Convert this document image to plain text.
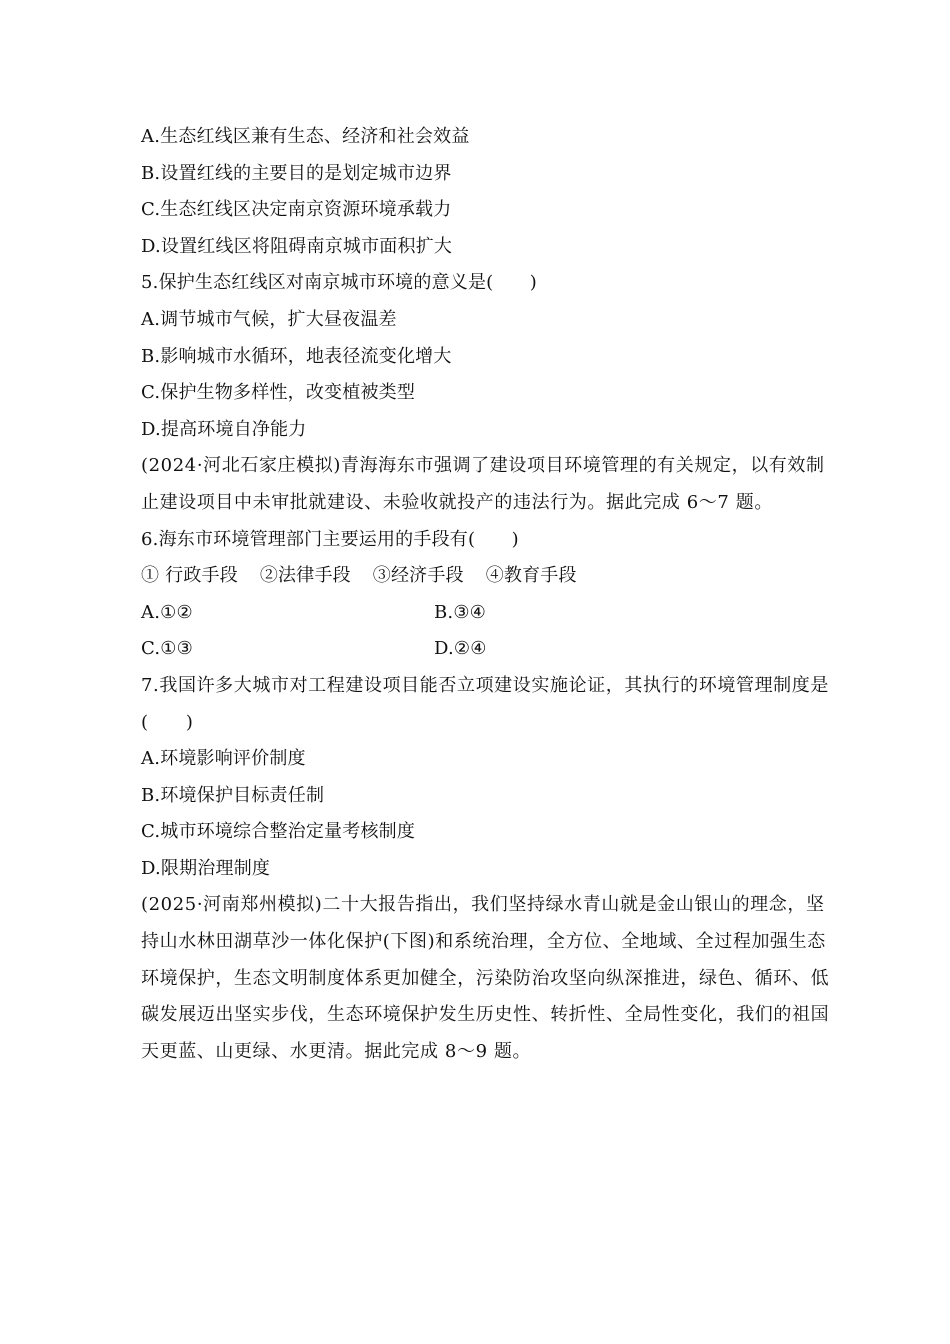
A.生态红线区兼有生态、经济和社会效益
B.设置红线的主要目的是划定城市边界
C.生态红线区决定南京资源环境承载力
D.设置红线区将阻碍南京城市面积扩大
5.保护生态红线区对南京城市环境的意义是(　　)
A.调节城市气候，扩大昼夜温差
B.影响城市水循环，地表径流变化增大
C.保护生物多样性，改变植被类型
D.提高环境自净能力
(2024·河北石家庄模拟)青海海东市强调了建设项目环境管理的有关规定，以有效制止建设项目中未审批就建设、未验收就投产的违法行为。据此完成 6～7 题。
6.海东市环境管理部门主要运用的手段有(　　)
① 行政手段 ②法律手段 ③经济手段 ④教育手段
A.①②	B.③④
C.①③	D.②④
7.我国许多大城市对工程建设项目能否立项建设实施论证，其执行的环境管理制度是(　　)
A.环境影响评价制度
B.环境保护目标责任制
C.城市环境综合整治定量考核制度
D.限期治理制度
(2025·河南郑州模拟)二十大报告指出，我们坚持绿水青山就是金山银山的理念，坚持山水林田湖草沙一体化保护(下图)和系统治理，全方位、全地域、全过程加强生态环境保护，生态文明制度体系更加健全，污染防治攻坚向纵深推进，绿色、循环、低碳发展迈出坚实步伐，生态环境保护发生历史性、转折性、全局性变化，我们的祖国天更蓝、山更绿、水更清。据此完成 8～9 题。
